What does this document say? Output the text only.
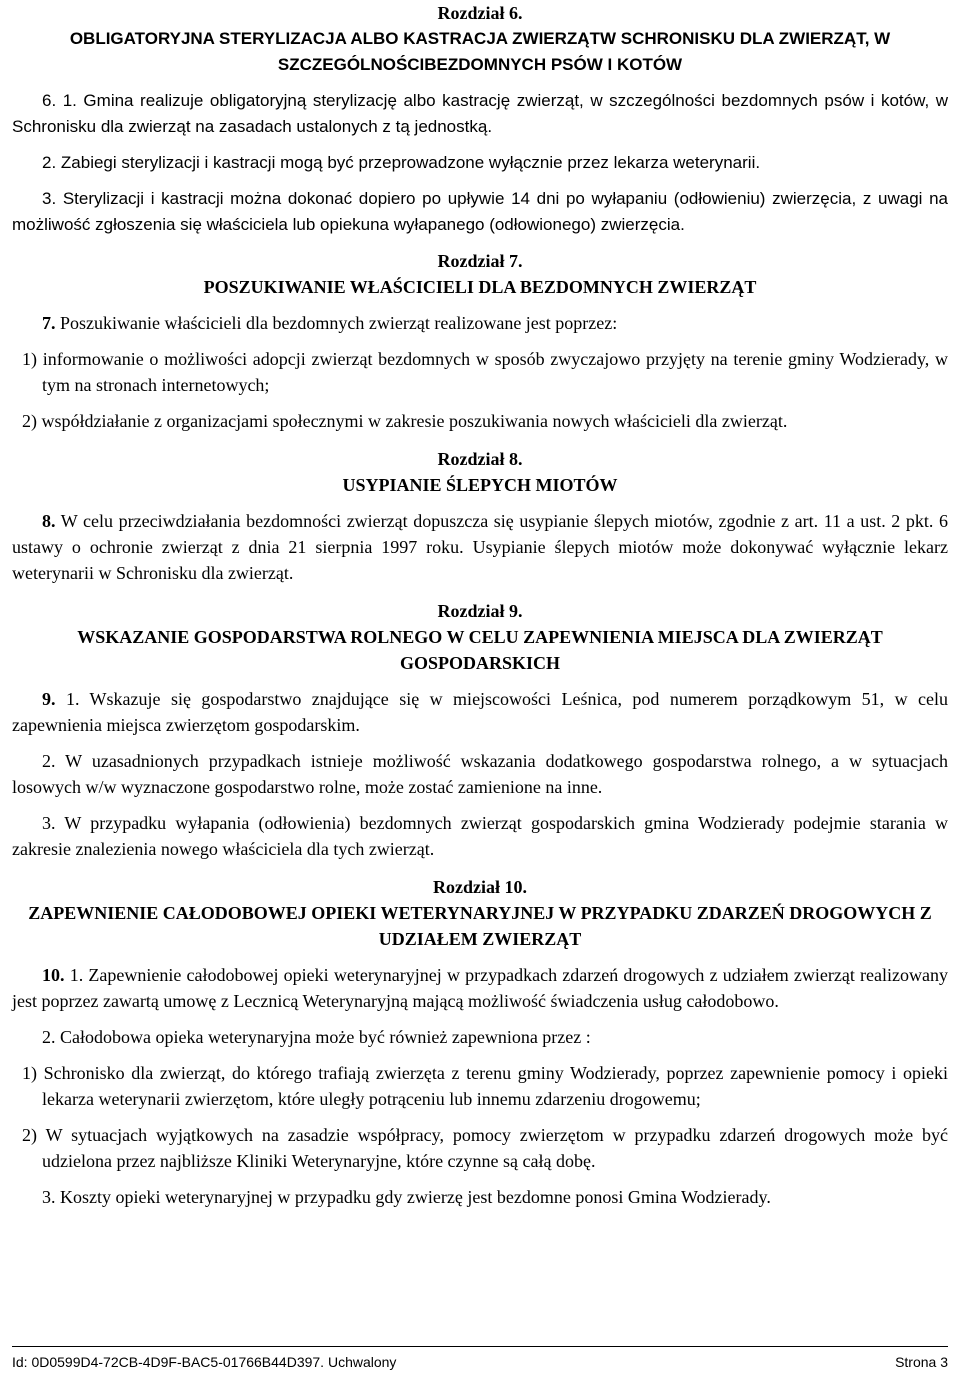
Rozdział 6.

OBLIGATORYJNA STERYLIZACJA ALBO KASTRACJA ZWIERZĄTW SCHRONISKU DLA ZWIERZĄT, W SZCZEGÓLNOŚCIBEZDOMNYCH PSÓW I KOTÓW

6. 1. Gmina realizuje obligatoryjną sterylizację albo kastrację zwierząt, w szczególności bezdomnych psów i kotów, w Schronisku dla zwierząt na zasadach ustalonych z tą jednostką.

2. Zabiegi sterylizacji i kastracji mogą być przeprowadzone wyłącznie przez lekarza weterynarii.

3. Sterylizacji i kastracji można dokonać dopiero po upływie 14 dni po wyłapaniu (odłowieniu) zwierzęcia, z uwagi na możliwość zgłoszenia się właściciela lub opiekuna wyłapanego (odłowionego) zwierzęcia.

Rozdział 7.

POSZUKIWANIE WŁAŚCICIELI DLA BEZDOMNYCH ZWIERZĄT

7. Poszukiwanie właścicieli dla bezdomnych zwierząt realizowane jest poprzez:

1) informowanie o możliwości adopcji zwierząt bezdomnych w sposób zwyczajowo przyjęty na terenie gminy Wodzierady, w tym na stronach internetowych;

2) współdziałanie z organizacjami społecznymi w zakresie poszukiwania nowych właścicieli dla zwierząt.

Rozdział 8.

USYPIANIE ŚLEPYCH MIOTÓW

8. W celu przeciwdziałania bezdomności zwierząt dopuszcza się usypianie ślepych miotów, zgodnie z art. 11 a ust. 2 pkt. 6 ustawy o ochronie zwierząt z dnia 21 sierpnia 1997 roku. Usypianie ślepych miotów może dokonywać wyłącznie lekarz weterynarii w Schronisku dla zwierząt.

Rozdział 9.

WSKAZANIE GOSPODARSTWA ROLNEGO W CELU ZAPEWNIENIA MIEJSCA DLA ZWIERZĄT GOSPODARSKICH

9. 1. Wskazuje się gospodarstwo znajdujące się w miejscowości Leśnica, pod numerem porządkowym 51, w celu zapewnienia miejsca zwierzętom gospodarskim.

2. W uzasadnionych przypadkach istnieje możliwość wskazania dodatkowego gospodarstwa rolnego, a w sytuacjach losowych w/w wyznaczone gospodarstwo rolne, może zostać zamienione na inne.

3. W przypadku wyłapania (odłowienia) bezdomnych zwierząt gospodarskich gmina Wodzierady podejmie starania w zakresie znalezienia nowego właściciela dla tych zwierząt.

Rozdział 10.

ZAPEWNIENIE CAŁODOBOWEJ OPIEKI WETERYNARYJNEJ W PRZYPADKU ZDARZEŃ DROGOWYCH Z UDZIAŁEM ZWIERZĄT

10. 1. Zapewnienie całodobowej opieki weterynaryjnej w przypadkach zdarzeń drogowych z udziałem zwierząt realizowany jest poprzez zawartą umowę z Lecznicą Weterynaryjną mającą możliwość świadczenia usług całodobowo.

2. Całodobowa opieka weterynaryjna może być również zapewniona przez :

1) Schronisko dla zwierząt, do którego trafiają zwierzęta z terenu gminy Wodzierady, poprzez zapewnienie pomocy i opieki lekarza weterynarii zwierzętom, które uległy potrąceniu lub innemu zdarzeniu drogowemu;

2) W sytuacjach wyjątkowych na zasadzie współpracy, pomocy zwierzętom w przypadku zdarzeń drogowych może być udzielona przez najbliższe Kliniki Weterynaryjne, które czynne są całą dobę.

3. Koszty opieki weterynaryjnej w przypadku gdy zwierzę jest bezdomne ponosi Gmina Wodzierady.

Id: 0D0599D4-72CB-4D9F-BAC5-01766B44D397. Uchwalony	Strona 3
